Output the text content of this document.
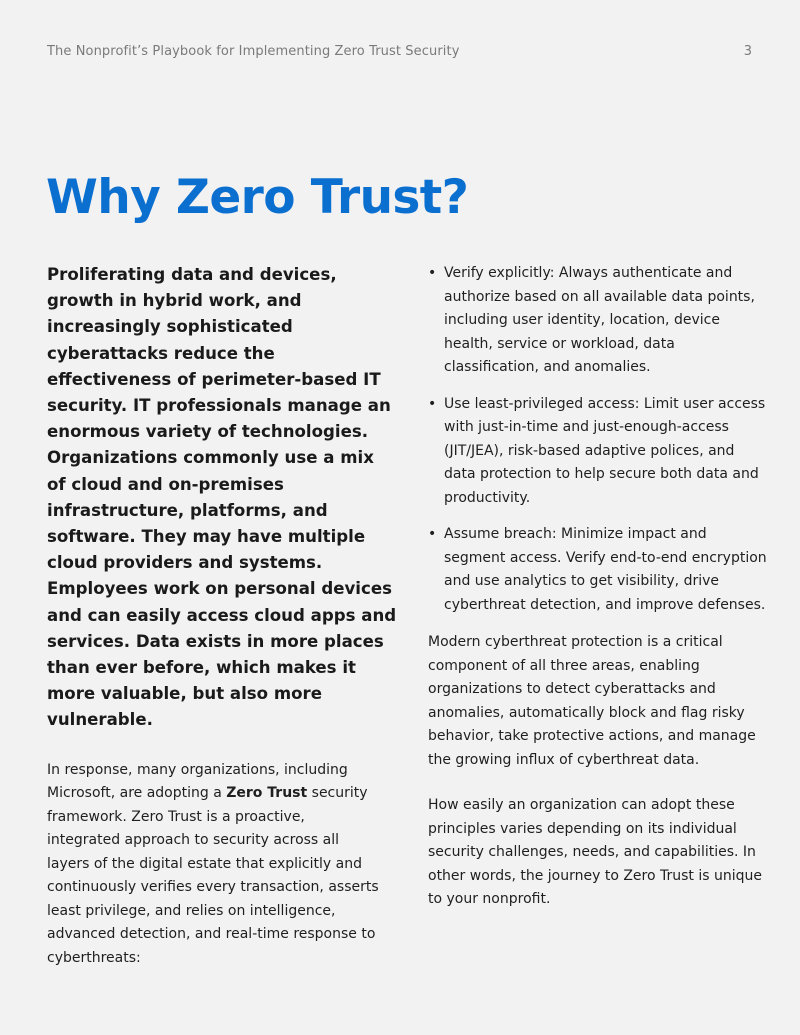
The Nonprofit’s Playbook for Implementing Zero Trust Security	3
Why Zero Trust?

Proliferating data and devices, growth in hybrid work, and increasingly sophisticated cyberattacks reduce the effectiveness of perimeter-based IT security. IT professionals manage an enormous variety of technologies. Organizations commonly use a mix of cloud and on-premises infrastructure, platforms, and software. They may have multiple cloud providers and systems. Employees work on personal devices and can easily access cloud apps and services. Data exists in more places than ever before, which makes it more valuable, but also more vulnerable.

In response, many organizations, including Microsoft, are adopting a Zero Trust security framework. Zero Trust is a proactive, integrated approach to security across all layers of the digital estate that explicitly and continuously verifies every transaction, asserts least privilege, and relies on intelligence, advanced detection, and real-time response to cyberthreats:

• Verify explicitly: Always authenticate and authorize based on all available data points, including user identity, location, device health, service or workload, data classification, and anomalies.
• Use least-privileged access: Limit user access with just-in-time and just-enough-access (JIT/JEA), risk-based adaptive polices, and data protection to help secure both data and productivity.
• Assume breach: Minimize impact and segment access. Verify end-to-end encryption and use analytics to get visibility, drive cyberthreat detection, and improve defenses.

Modern cyberthreat protection is a critical component of all three areas, enabling organizations to detect cyberattacks and anomalies, automatically block and flag risky behavior, take protective actions, and manage the growing influx of cyberthreat data.

How easily an organization can adopt these principles varies depending on its individual security challenges, needs, and capabilities. In other words, the journey to Zero Trust is unique to your nonprofit.
